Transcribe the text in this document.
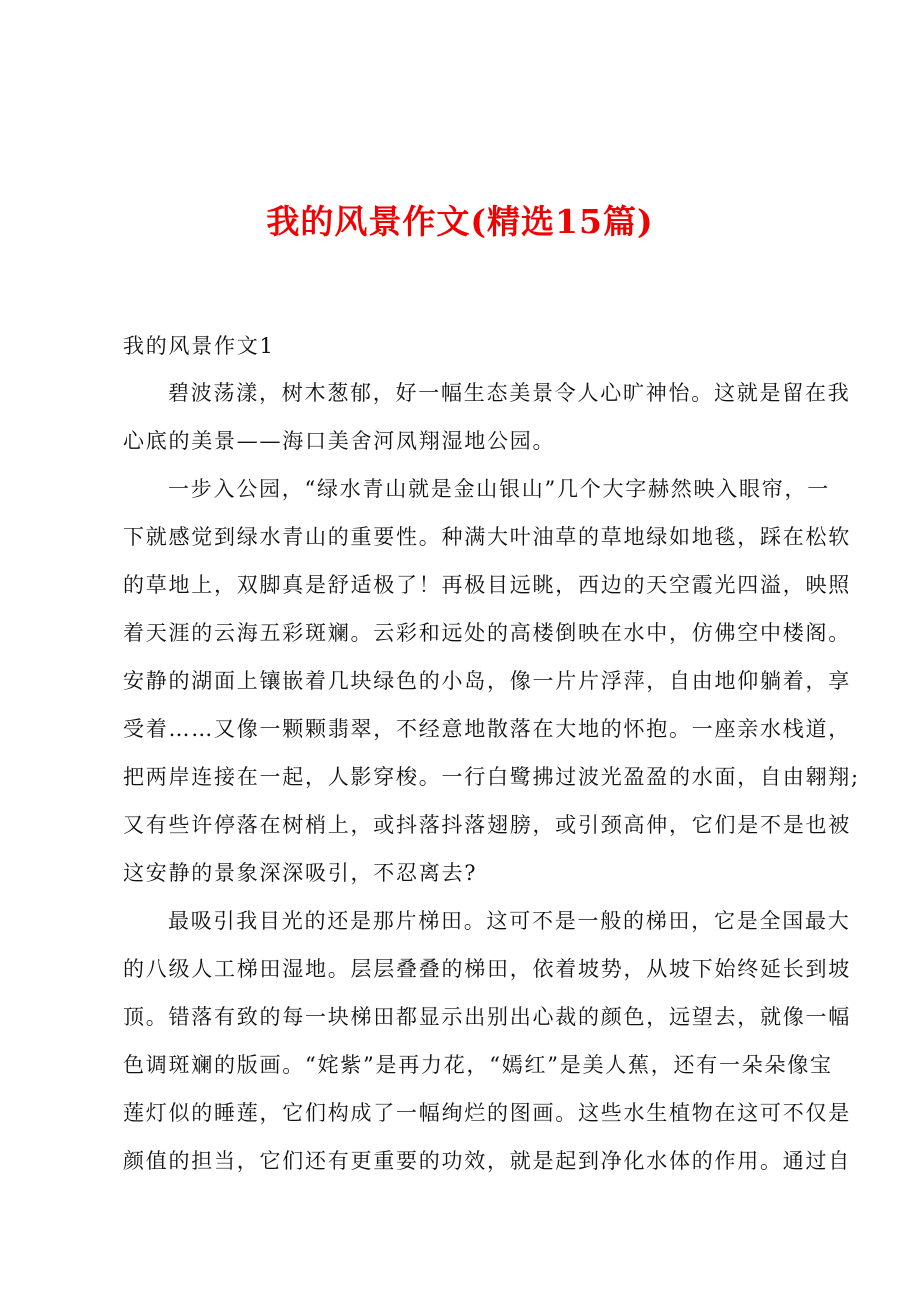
我的风景作文(精选15篇)
我的风景作文1
碧波荡漾，树木葱郁，好一幅生态美景令人心旷神怡。这就是留在我
心底的美景——海口美舍河凤翔湿地公园。
一步入公园，“绿水青山就是金山银山”几个大字赫然映入眼帘，一
下就感觉到绿水青山的重要性。种满大叶油草的草地绿如地毯，踩在松软
的草地上，双脚真是舒适极了！再极目远眺，西边的天空霞光四溢，映照
着天涯的云海五彩斑斓。云彩和远处的高楼倒映在水中，仿佛空中楼阁。
安静的湖面上镶嵌着几块绿色的小岛，像一片片浮萍，自由地仰躺着，享
受着……又像一颗颗翡翠，不经意地散落在大地的怀抱。一座亲水栈道，
把两岸连接在一起，人影穿梭。一行白鹭拂过波光盈盈的水面，自由翱翔;
又有些许停落在树梢上，或抖落抖落翅膀，或引颈高伸，它们是不是也被
这安静的景象深深吸引，不忍离去?
最吸引我目光的还是那片梯田。这可不是一般的梯田，它是全国最大
的八级人工梯田湿地。层层叠叠的梯田，依着坡势，从坡下始终延长到坡
顶。错落有致的每一块梯田都显示出别出心裁的颜色，远望去，就像一幅
色调斑斓的版画。“姹紫”是再力花，“嫣红”是美人蕉，还有一朵朵像宝
莲灯似的睡莲，它们构成了一幅绚烂的图画。这些水生植物在这可不仅是
颜值的担当，它们还有更重要的功效，就是起到净化水体的作用。通过自
